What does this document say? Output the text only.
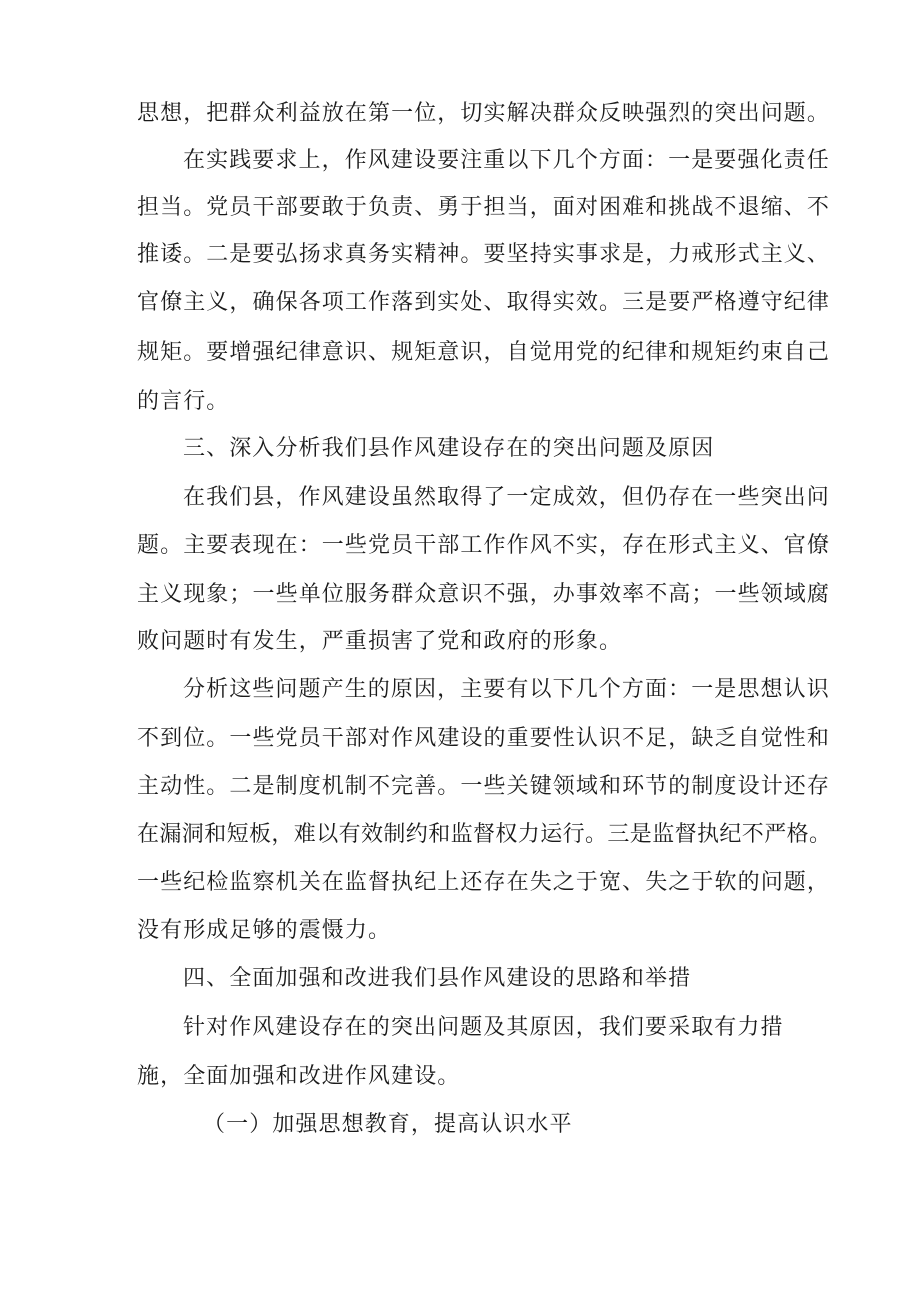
思想，把群众利益放在第一位，切实解决群众反映强烈的突出问题。

在实践要求上，作风建设要注重以下几个方面：一是要强化责任

担当。党员干部要敢于负责、勇于担当，面对困难和挑战不退缩、不

推诿。二是要弘扬求真务实精神。要坚持实事求是，力戒形式主义、

官僚主义，确保各项工作落到实处、取得实效。三是要严格遵守纪律

规矩。要增强纪律意识、规矩意识，自觉用党的纪律和规矩约束自己

的言行。

三、深入分析我们县作风建设存在的突出问题及原因

在我们县，作风建设虽然取得了一定成效，但仍存在一些突出问

题。主要表现在：一些党员干部工作作风不实，存在形式主义、官僚

主义现象；一些单位服务群众意识不强，办事效率不高；一些领域腐

败问题时有发生，严重损害了党和政府的形象。

分析这些问题产生的原因，主要有以下几个方面：一是思想认识

不到位。一些党员干部对作风建设的重要性认识不足，缺乏自觉性和

主动性。二是制度机制不完善。一些关键领域和环节的制度设计还存

在漏洞和短板，难以有效制约和监督权力运行。三是监督执纪不严格。

一些纪检监察机关在监督执纪上还存在失之于宽、失之于软的问题，

没有形成足够的震慑力。

四、全面加强和改进我们县作风建设的思路和举措

针对作风建设存在的突出问题及其原因，我们要采取有力措

施，全面加强和改进作风建设。

（一）加强思想教育，提高认识水平
